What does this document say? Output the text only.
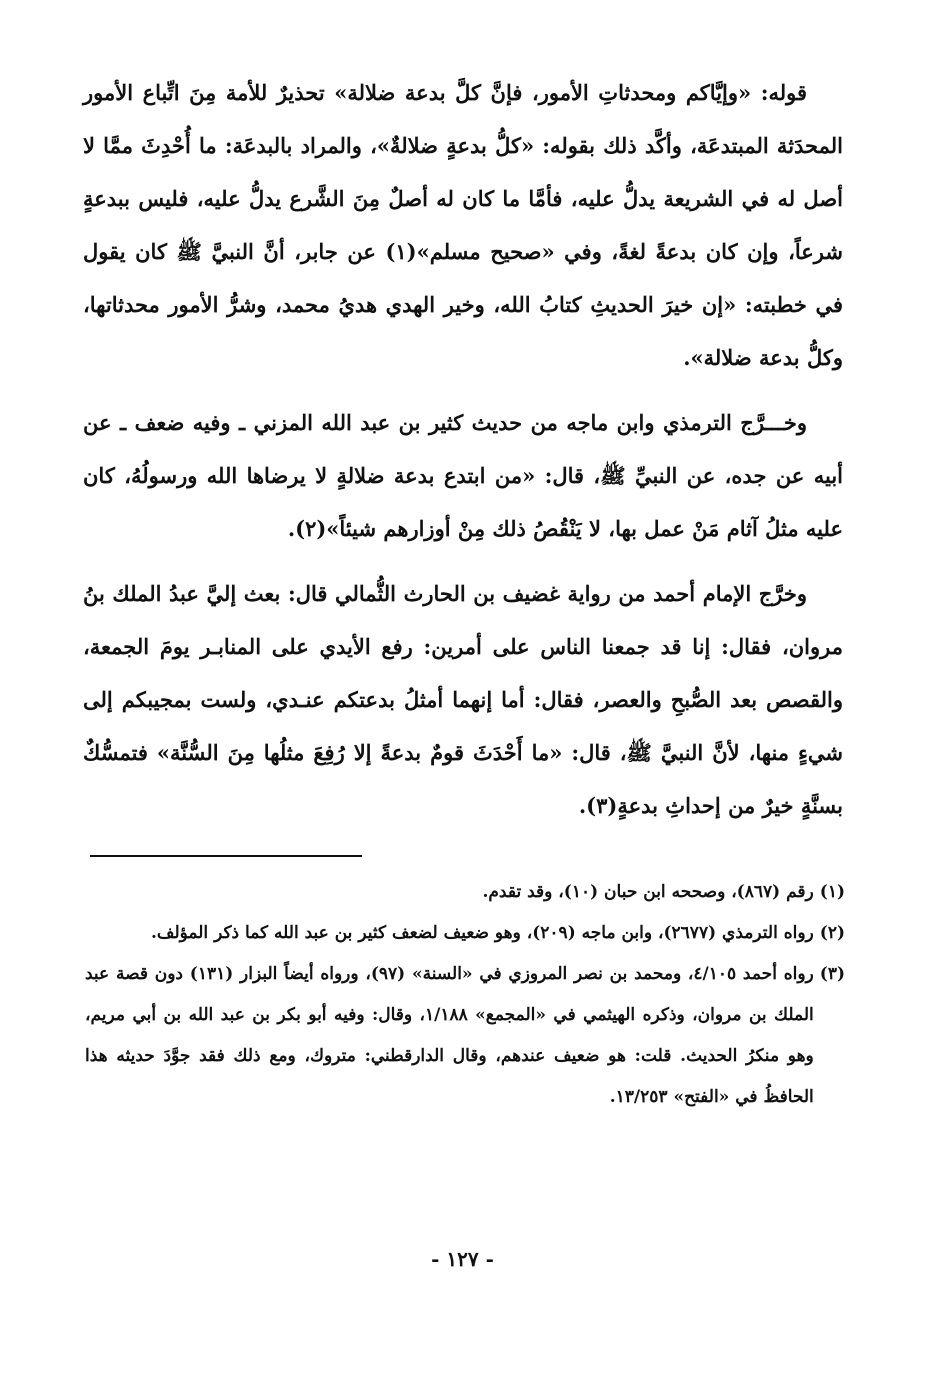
قوله: «وإيَّاكم ومحدثاتِ الأمور، فإنَّ كلَّ بدعة ضلالة» تحذيرٌ للأمة مِنَ اتِّباع الأمور المحدَثة المبتدعَة، وأكَّد ذلك بقوله: «كلُّ بدعةٍ ضلالةٌ»، والمراد بالبدعَة: ما أُحْدِثَ ممَّا لا أصل له في الشريعة يدلُّ عليه، فأمَّا ما كان له أصلٌ مِنَ الشَّرع يدلُّ عليه، فليس ببدعةٍ شرعاً، وإن كان بدعةً لغةً، وفي «صحيح مسلم»(١) عن جابر، أنَّ النبيَّ ﷺ كان يقول في خطبته: «إن خيرَ الحديثِ كتابُ الله، وخير الهدي هديُ محمد، وشرُّ الأمور محدثاتها، وكلُّ بدعة ضلالة».

وخـــرَّج الترمذي وابن ماجه من حديث كثير بن عبد الله المزني ـ وفيه ضعف ـ عن أبيه عن جده، عن النبيِّ ﷺ، قال: «من ابتدع بدعة ضلالةٍ لا يرضاها الله ورسولُهُ، كان عليه مثلُ آثام مَنْ عمل بها، لا يَنْقُصُ ذلك مِنْ أوزارهم شيئاً»(٢).

وخرَّج الإمام أحمد من رواية غضيف بن الحارث الثُّمالي قال: بعث إليَّ عبدُ الملك بنُ مروان، فقال: إنا قد جمعنا الناس على أمرين: رفع الأيدي على المنابـر يومَ الجمعة، والقصص بعد الصُّبحِ والعصر، فقال: أما إنهما أمثلُ بدعتكم عنـدي، ولست بمجيبكم إلى شيءٍ منها، لأنَّ النبيَّ ﷺ، قال: «ما أَحْدَثَ قومٌ بدعةً إلا رُفِعَ مثلُها مِنَ السُّنَّة» فتمسُّكٌ بسنَّةٍ خيرٌ من إحداثِ بدعةٍ(٣).

(١)
رقم (٨٦٧)، وصححه ابن حبان (١٠)، وقد تقدم.
(٢)
رواه الترمذي (٢٦٧٧)، وابن ماجه (٢٠٩)، وهو ضعيف لضعف كثير بن عبد الله كما ذكر المؤلف.
(٣)
رواه أحمد ٤/١٠٥، ومحمد بن نصر المروزي في «السنة» (٩٧)، ورواه أيضاً البزار (١٣١) دون قصة عبد الملك بن مروان، وذكره الهيثمي في «المجمع» ١/١٨٨، وقال: وفيه أبو بكر بن عبد الله بن أبي مريم، وهو منكرُ الحديث. قلت: هو ضعيف عندهم، وقال الدارقطني: متروك، ومع ذلك فقد جوَّدَ حديثه هذا الحافظُ في «الفتح» ١٣/٢٥٣.
- ١٢٧ -
